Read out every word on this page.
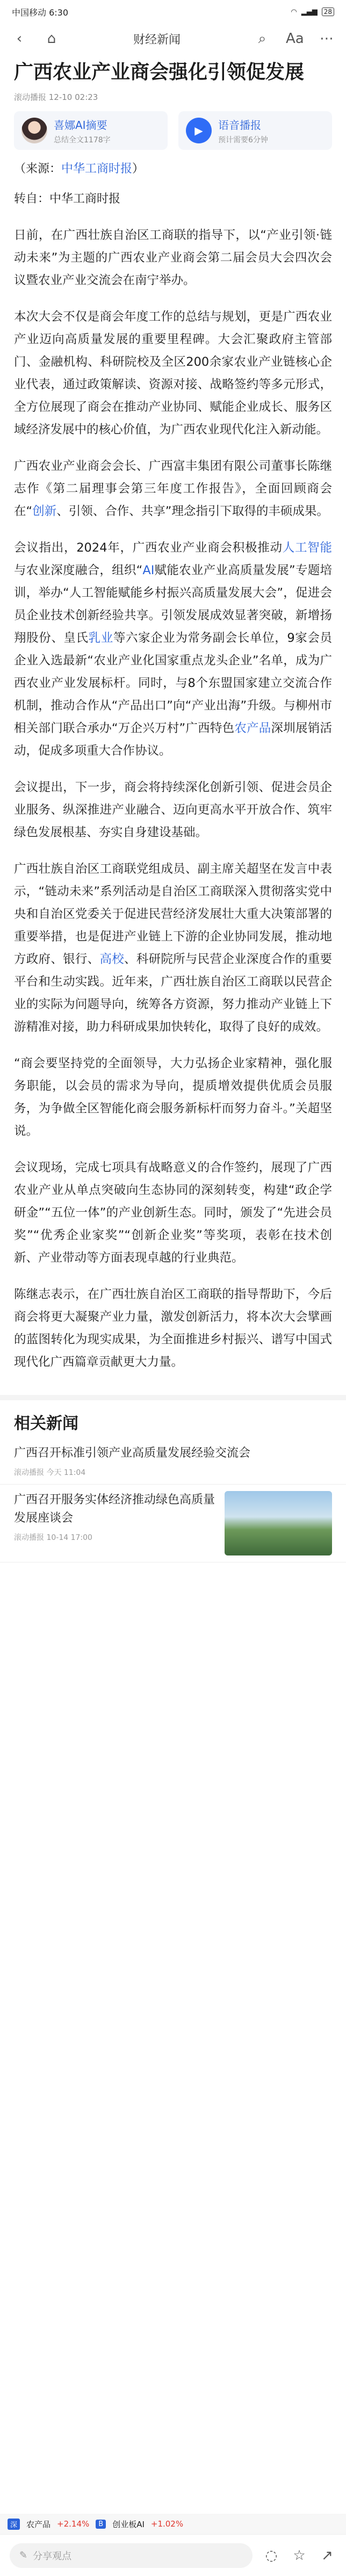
中国移动 6:30	◠ ▂▄▆	28
‹	⌂	财经新闻	⌕	Aa ⋯
广西农业产业商会强化引领促发展
滚动播报 12-10 02:23
喜娜AI摘要
总结全文1178字
▶	语音播报
预计需要6分钟

（来源：中华工商时报）

转自：中华工商时报

日前，在广西壮族自治区工商联的指导下，以“产业引领·链动未来”为主题的广西农业产业商会第二届会员大会四次会议暨农业产业交流会在南宁举办。

本次大会不仅是商会年度工作的总结与规划，更是广西农业产业迈向高质量发展的重要里程碑。大会汇聚政府主管部门、金融机构、科研院校及全区200余家农业产业链核心企业代表，通过政策解读、资源对接、战略签约等多元形式，全方位展现了商会在推动产业协同、赋能企业成长、服务区域经济发展中的核心价值，为广西农业现代化注入新动能。

广西农业产业商会会长、广西富丰集团有限公司董事长陈继志作《第二届理事会第三年度工作报告》，全面回顾商会在“创新、引领、合作、共享”理念指引下取得的丰硕成果。

会议指出，2024年，广西农业产业商会积极推动人工智能与农业深度融合，组织“AI赋能农业产业高质量发展”专题培训，举办“人工智能赋能乡村振兴高质量发展大会”，促进会员企业技术创新经验共享。引领发展成效显著突破，新增扬翔股份、皇氏乳业等六家企业为常务副会长单位，9家会员企业入选最新“农业产业化国家重点龙头企业”名单，成为广西农业产业发展标杆。同时，与8个东盟国家建立交流合作机制，推动合作从“产品出口”向“产业出海”升级。与柳州市相关部门联合承办“万企兴万村”广西特色农产品深圳展销活动，促成多项重大合作协议。

会议提出，下一步，商会将持续深化创新引领、促进会员企业服务、纵深推进产业融合、迈向更高水平开放合作、筑牢绿色发展根基、夯实自身建设基础。

广西壮族自治区工商联党组成员、副主席关超坚在发言中表示，“链动未来”系列活动是自治区工商联深入贯彻落实党中央和自治区党委关于促进民营经济发展壮大重大决策部署的重要举措，也是促进产业链上下游的企业协同发展，推动地方政府、银行、高校、科研院所与民营企业深度合作的重要平台和生动实践。近年来，广西壮族自治区工商联以民营企业的实际为问题导向，统筹各方资源，努力推动产业链上下游精准对接，助力科研成果加快转化，取得了良好的成效。

“商会要坚持党的全面领导，大力弘扬企业家精神，强化服务职能，以会员的需求为导向，提质增效提供优质会员服务，为争做全区智能化商会服务新标杆而努力奋斗。”关超坚说。

会议现场，完成七项具有战略意义的合作签约，展现了广西农业产业从单点突破向生态协同的深刻转变，构建“政企学研金”“五位一体”的产业创新生态。同时，颁发了“先进会员奖”“优秀企业家奖”“创新企业奖”等奖项，表彰在技术创新、产业带动等方面表现卓越的行业典范。

陈继志表示，在广西壮族自治区工商联的指导帮助下，今后商会将更大凝聚产业力量，激发创新活力，将本次大会擘画的蓝图转化为现实成果，为全面推进乡村振兴、谱写中国式现代化广西篇章贡献更大力量。

相关新闻
广西召开标准引领产业高质量发展经验交流会
滚动播报 今天 11:04
广西召开服务实体经济推动绿色高质量发展座谈会
滚动播报 10-14 17:00
深	农产品 +2.14%	B	创业板AI +1.02%
✎ 分享观点	◌ ☆ ↗
